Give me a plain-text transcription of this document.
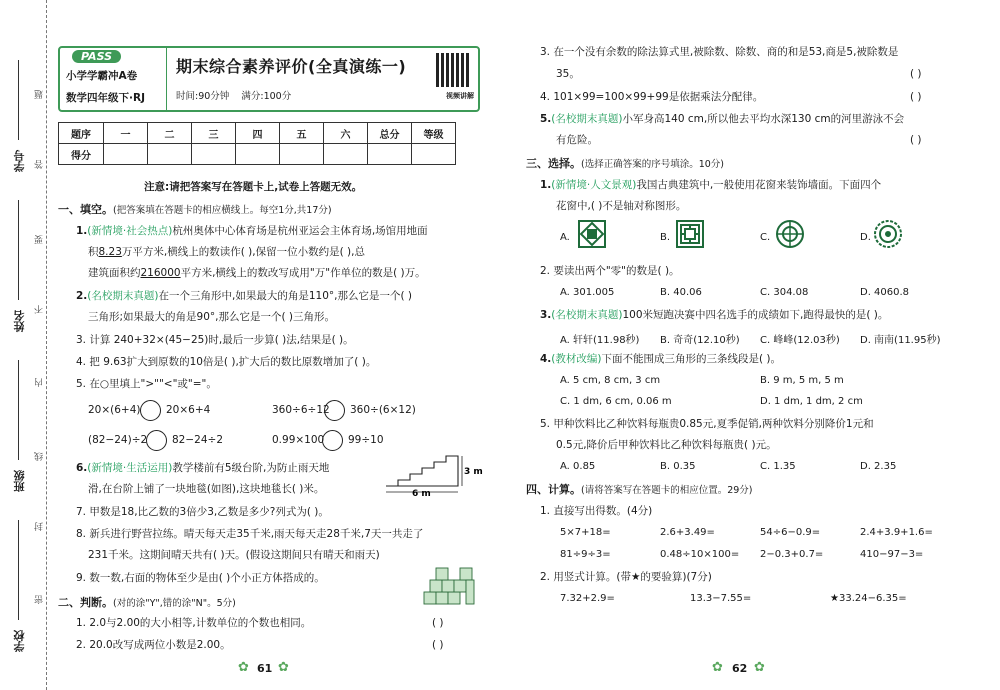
学号
姓名
班级
学校
题
答
要
不
内
线
封
密
PASS
小学学霸冲A卷
数学四年级下·RJ
期末综合素养评价(全真演练一)
时间:90分钟 满分:100分	视频讲解
题序	一	二	三	四	五	六	总分	等级
得分								
注意:请把答案写在答题卡上,试卷上答题无效。
一、填空。(把答案填在答题卡的相应横线上。每空1分,共17分)
1.(新情境·社会热点)杭州奥体中心体育场是杭州亚运会主体育场,场馆用地面
积8.23万平方米,横线上的数读作( ),保留一位小数约是( ),总
建筑面积约216000平方米,横线上的数改写成用"万"作单位的数是( )万。
2.(名校期末真题)在一个三角形中,如果最大的角是110°,那么它是一个( )
三角形;如果最大的角是90°,那么它是一个( )三角形。
3. 计算 240+32×(45−25)时,最后一步算( )法,结果是( )。
4. 把 9.63扩大到原数的10倍是( ),扩大后的数比原数增加了( )。
5. 在○里填上">""<"或"="。
20×(6+4) 20×6+4	360÷6÷12 360÷(6×12)
(82−24)÷2 82−24÷2	0.99×100 99÷10
6.(新情境·生活运用)教学楼前有5级台阶,为防止雨天地
滑,在台阶上铺了一块地毯(如图),这块地毯长( )米。	6 m
3 m
7. 甲数是18,比乙数的3倍少3,乙数是多少?列式为( )。
8. 新兵进行野营拉练。晴天每天走35千米,雨天每天走28千米,7天一共走了
231千米。这期间晴天共有( )天。(假设这期间只有晴天和雨天)
9. 数一数,右面的物体至少是由( )个小正方体搭成的。
二、判断。(对的涂"Y",错的涂"N"。5分)
1. 2.0与2.00的大小相等,计数单位的个数也相同。	( )
2. 20.0改写成两位小数是2.00。	( )
✿ 61 ✿
3. 在一个没有余数的除法算式里,被除数、除数、商的和是53,商是5,被除数是
35。	( )
4. 101×99=100×99+99是依据乘法分配律。	( )
5.(名校期末真题)小军身高140 cm,所以他去平均水深130 cm的河里游泳不会
有危险。	( )
三、选择。(选择正确答案的序号填涂。10分)
1.(新情境·人文景观)我国古典建筑中,一般使用花窗来装饰墙面。下面四个
花窗中,( )不是轴对称图形。
A.	B.	C.	D.
2. 要读出两个"零"的数是( )。
A. 301.005	B. 40.06	C. 304.08	D. 4060.8
3.(名校期末真题)100米短跑决赛中四名选手的成绩如下,跑得最快的是( )。
A. 轩轩(11.98秒) B. 奇奇(12.10秒) C. 峰峰(12.03秒) D. 南南(11.95秒)
4.(教材改编)下面不能围成三角形的三条线段是( )。
A. 5 cm, 8 cm, 3 cm	B. 9 m, 5 m, 5 m
C. 1 dm, 6 cm, 0.06 m	D. 1 dm, 1 dm, 2 cm
5. 甲种饮料比乙种饮料每瓶贵0.85元,夏季促销,两种饮料分别降价1元和
0.5元,降价后甲种饮料比乙种饮料每瓶贵( )元。
A. 0.85	B. 0.35	C. 1.35	D. 2.35
四、计算。(请将答案写在答题卡的相应位置。29分)
1. 直接写出得数。(4分)
5×7+18=	2.6+3.49=	54÷6−0.9=	2.4+3.9+1.6=
81÷9÷3=	0.48÷10×100= 2−0.3+0.7=	410−97−3=
2. 用竖式计算。(带★的要验算)(7分)
7.32+2.9=	13.3−7.55=	★33.24−6.35=
✿ 62 ✿
